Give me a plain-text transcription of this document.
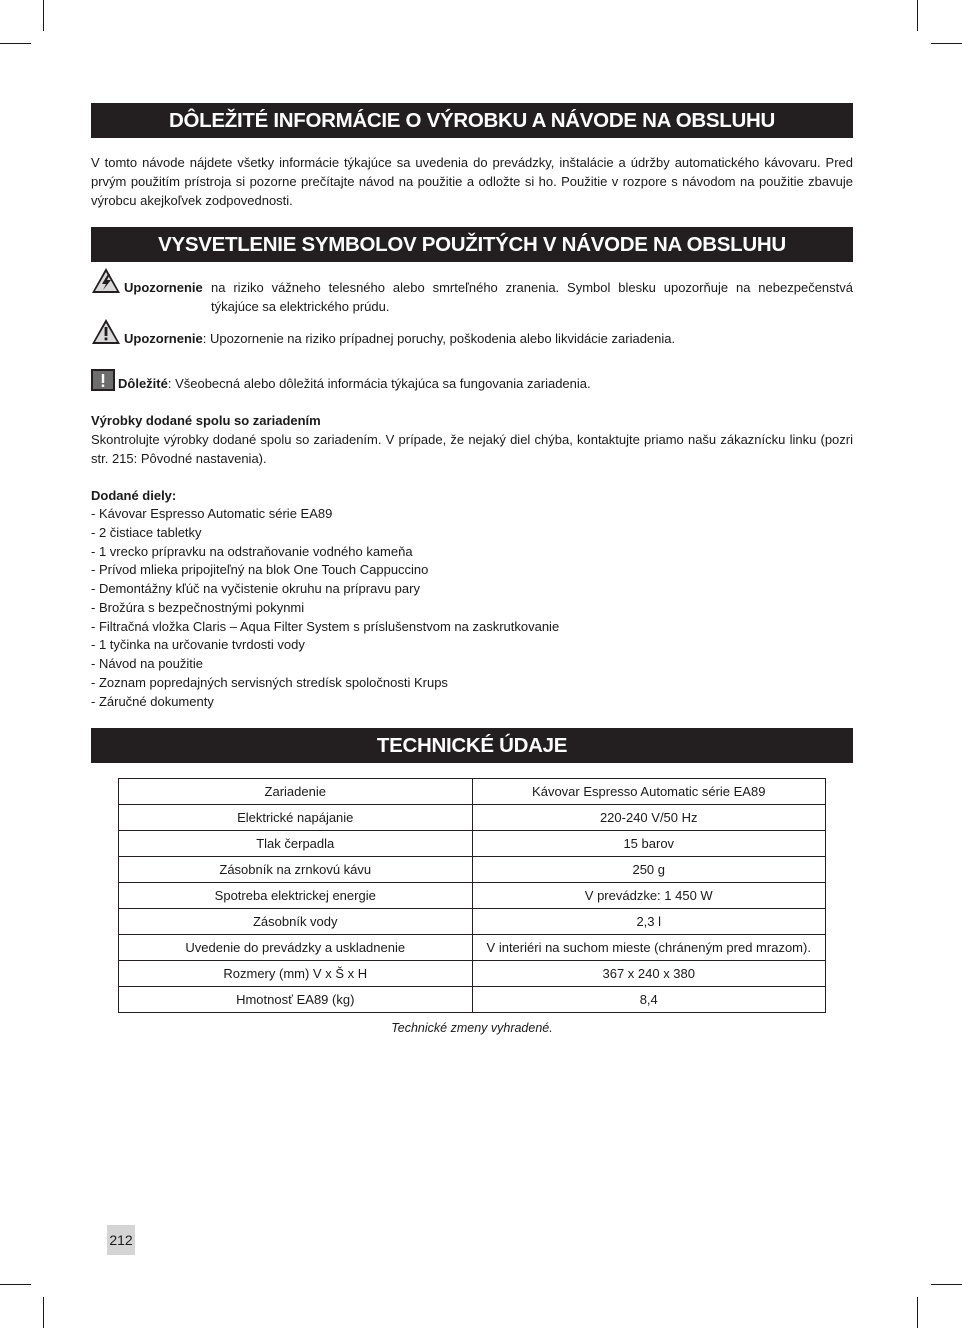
DÔLEŽITÉ INFORMÁCIE O VÝROBKU A NÁVODE NA OBSLUHU
V tomto návode nájdete všetky informácie týkajúce sa uvedenia do prevádzky, inštalácie a údržby automatického kávovaru. Pred prvým použitím prístroja si pozorne prečítajte návod na použitie a odložte si ho. Použitie v rozpore s návodom na použitie zbavuje výrobcu akejkoľvek zodpovednosti.
VYSVETLENIE SYMBOLOV POUŽITÝCH V NÁVODE NA OBSLUHU
Upozornenie na riziko vážneho telesného alebo smrteľného zranenia. Symbol blesku upozorňuje na nebezpečenstvá týkajúce sa elektrického prúdu.
Upozornenie: Upozornenie na riziko prípadnej poruchy, poškodenia alebo likvidácie zariadenia.
Dôležité: Všeobecná alebo dôležitá informácia týkajúca sa fungovania zariadenia.
Výrobky dodané spolu so zariadením
Skontrolujte výrobky dodané spolu so zariadením. V prípade, že nejaký diel chýba, kontaktujte priamo našu zákaznícku linku (pozri str. 215: Pôvodné nastavenia).
Dodané diely:
- Kávovar Espresso Automatic série EA89
- 2 čistiace tabletky
- 1 vrecko prípravku na odstraňovanie vodného kameňa
- Prívod mlieka pripojiteľný na blok One Touch Cappuccino
- Demontážny kľúč na vyčistenie okruhu na prípravu pary
- Brožúra s bezpečnostnými pokynmi
- Filtračná vložka Claris – Aqua Filter System s príslušenstvom na zaskrutkovanie
- 1 tyčinka na určovanie tvrdosti vody
- Návod na použitie
- Zoznam popredajných servisných stredísk spoločnosti Krups
- Záručné dokumenty
TECHNICKÉ ÚDAJE
Zariadenie	Kávovar Espresso Automatic série EA89
Elektrické napájanie	220-240 V/50 Hz
Tlak čerpadla	15 barov
Zásobník na zrnkovú kávu	250 g
Spotreba elektrickej energie	V prevádzke: 1 450 W
Zásobník vody	2,3 l
Uvedenie do prevádzky a uskladnenie	V interiéri na suchom mieste (chráneným pred mrazom).
Rozmery (mm) V x Š x H	367 x 240 x 380
Hmotnosť EA89 (kg)	8,4
Technické zmeny vyhradené.
212
